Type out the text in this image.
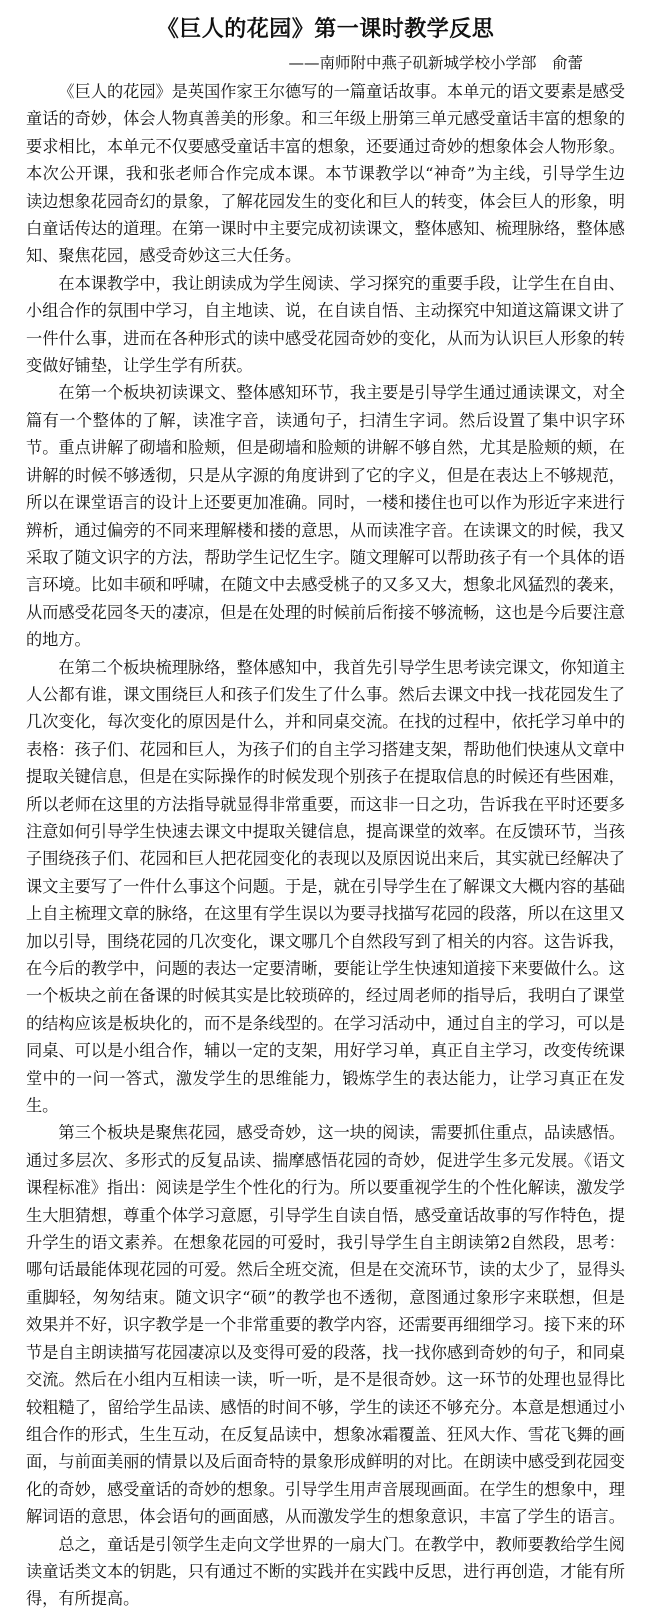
《巨人的花园》第一课时教学反思
——南师附中燕子矶新城学校小学部　俞蕾

《巨人的花园》是英国作家王尔德写的一篇童话故事。本单元的语文要素是感受童话的奇妙，体会人物真善美的形象。和三年级上册第三单元感受童话丰富的想象的要求相比，本单元不仅要感受童话丰富的想象，还要通过奇妙的想象体会人物形象。本次公开课，我和张老师合作完成本课。本节课教学以“神奇”为主线，引导学生边读边想象花园奇幻的景象，了解花园发生的变化和巨人的转变，体会巨人的形象，明白童话传达的道理。在第一课时中主要完成初读课文，整体感知、梳理脉络，整体感知、聚焦花园，感受奇妙这三大任务。

在本课教学中，我让朗读成为学生阅读、学习探究的重要手段，让学生在自由、小组合作的氛围中学习，自主地读、说，在自读自悟、主动探究中知道这篇课文讲了一件什么事，进而在各种形式的读中感受花园奇妙的变化，从而为认识巨人形象的转变做好铺垫，让学生学有所获。

在第一个板块初读课文、整体感知环节，我主要是引导学生通过通读课文，对全篇有一个整体的了解，读准字音，读通句子，扫清生字词。然后设置了集中识字环节。重点讲解了砌墙和脸颊，但是砌墙和脸颊的讲解不够自然，尤其是脸颊的颊，在讲解的时候不够透彻，只是从字源的角度讲到了它的字义，但是在表达上不够规范，所以在课堂语言的设计上还要更加准确。同时，一楼和搂住也可以作为形近字来进行辨析，通过偏旁的不同来理解楼和搂的意思，从而读准字音。在读课文的时候，我又采取了随文识字的方法，帮助学生记忆生字。随文理解可以帮助孩子有一个具体的语言环境。比如丰硕和呼啸，在随文中去感受桃子的又多又大，想象北风猛烈的袭来，从而感受花园冬天的凄凉，但是在处理的时候前后衔接不够流畅，这也是今后要注意的地方。

在第二个板块梳理脉络，整体感知中，我首先引导学生思考读完课文，你知道主人公都有谁，课文围绕巨人和孩子们发生了什么事。然后去课文中找一找花园发生了几次变化，每次变化的原因是什么，并和同桌交流。在找的过程中，依托学习单中的表格：孩子们、花园和巨人，为孩子们的自主学习搭建支架，帮助他们快速从文章中提取关键信息，但是在实际操作的时候发现个别孩子在提取信息的时候还有些困难，所以老师在这里的方法指导就显得非常重要，而这非一日之功，告诉我在平时还要多注意如何引导学生快速去课文中提取关键信息，提高课堂的效率。在反馈环节，当孩子围绕孩子们、花园和巨人把花园变化的表现以及原因说出来后，其实就已经解决了课文主要写了一件什么事这个问题。于是，就在引导学生在了解课文大概内容的基础上自主梳理文章的脉络，在这里有学生误以为要寻找描写花园的段落，所以在这里又加以引导，围绕花园的几次变化，课文哪几个自然段写到了相关的内容。这告诉我，在今后的教学中，问题的表达一定要清晰，要能让学生快速知道接下来要做什么。这一个板块之前在备课的时候其实是比较琐碎的，经过周老师的指导后，我明白了课堂的结构应该是板块化的，而不是条线型的。在学习活动中，通过自主的学习，可以是同桌、可以是小组合作，辅以一定的支架，用好学习单，真正自主学习，改变传统课堂中的一问一答式，激发学生的思维能力，锻炼学生的表达能力，让学习真正在发生。

第三个板块是聚焦花园，感受奇妙，这一块的阅读，需要抓住重点，品读感悟。通过多层次、多形式的反复品读、揣摩感悟花园的奇妙，促进学生多元发展。《语文课程标准》指出：阅读是学生个性化的行为。所以要重视学生的个性化解读，激发学生大胆猜想，尊重个体学习意愿，引导学生自读自悟，感受童话故事的写作特色，提升学生的语文素养。在想象花园的可爱时，我引导学生自主朗读第2自然段，思考：哪句话最能体现花园的可爱。然后全班交流，但是在交流环节，读的太少了，显得头重脚轻，匆匆结束。随文识字“硕”的教学也不透彻，意图通过象形字来联想，但是效果并不好，识字教学是一个非常重要的教学内容，还需要再细细学习。接下来的环节是自主朗读描写花园凄凉以及变得可爱的段落，找一找你感到奇妙的句子，和同桌交流。然后在小组内互相读一读，听一听，是不是很奇妙。这一环节的处理也显得比较粗糙了，留给学生品读、感悟的时间不够，学生的读还不够充分。本意是想通过小组合作的形式，生生互动，在反复品读中，想象冰霜覆盖、狂风大作、雪花飞舞的画面，与前面美丽的情景以及后面奇特的景象形成鲜明的对比。在朗读中感受到花园变化的奇妙，感受童话的奇妙的想象。引导学生用声音展现画面。在学生的想象中，理解词语的意思，体会语句的画面感，从而激发学生的想象意识，丰富了学生的语言。

总之，童话是引领学生走向文学世界的一扇大门。在教学中，教师要教给学生阅读童话类文本的钥匙，只有通过不断的实践并在实践中反思，进行再创造，才能有所得，有所提高。
